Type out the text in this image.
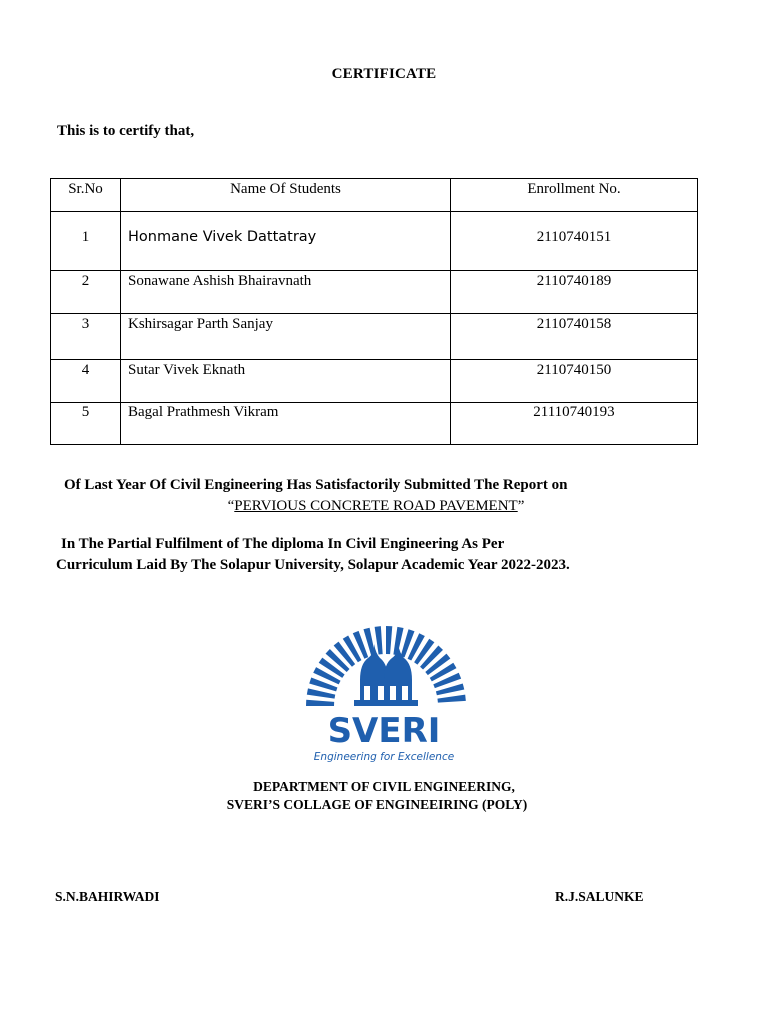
CERTIFICATE
This is to certify that,
Sr.No	Name Of Students	Enrollment No.
1	Honmane Vivek Dattatray	2110740151
2	Sonawane Ashish Bhairavnath	2110740189
3	Kshirsagar Parth Sanjay	2110740158
4	Sutar Vivek Eknath	2110740150
5	Bagal Prathmesh Vikram	21110740193
Of Last Year Of Civil Engineering Has Satisfactorily Submitted The Report on
“PERVIOUS CONCRETE ROAD PAVEMENT”
In The Partial Fulfilment of The diploma In Civil Engineering As Per
Curriculum Laid By The Solapur University, Solapur Academic Year 2022-2023.
SVERI
Engineering for Excellence
DEPARTMENT OF CIVIL ENGINEERING,
SVERI’S COLLAGE OF ENGINEEIRING (POLY)
S.N.BAHIRWADI	R.J.SALUNKE
